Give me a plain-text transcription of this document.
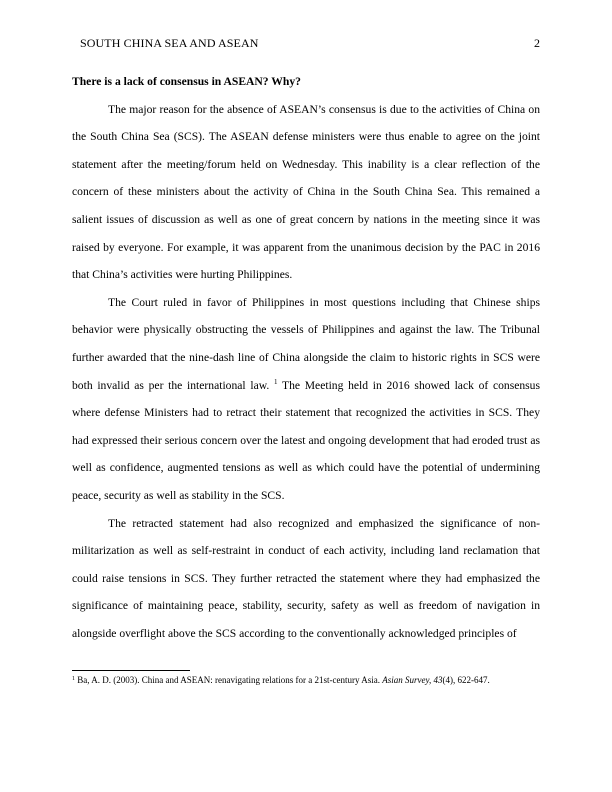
SOUTH CHINA SEA AND ASEAN	2

There is a lack of consensus in ASEAN? Why?

The major reason for the absence of ASEAN’s consensus is due to the activities of China on the South China Sea (SCS). The ASEAN defense ministers were thus enable to agree on the joint statement after the meeting/forum held on Wednesday. This inability is a clear reflection of the concern of these ministers about the activity of China in the South China Sea. This remained a salient issues of discussion as well as one of great concern by nations in the meeting since it was raised by everyone. For example, it was apparent from the unanimous decision by the PAC in 2016 that China’s activities were hurting Philippines.

The Court ruled in favor of Philippines in most questions including that Chinese ships behavior were physically obstructing the vessels of Philippines and against the law. The Tribunal further awarded that the nine-dash line of China alongside the claim to historic rights in SCS were both invalid as per the international law. $^1$ The Meeting held in 2016 showed lack of consensus where defense Ministers had to retract their statement that recognized the activities in SCS. They had expressed their serious concern over the latest and ongoing development that had eroded trust as well as confidence, augmented tensions as well as which could have the potential of undermining peace, security as well as stability in the SCS.

The retracted statement had also recognized and emphasized the significance of non-militarization as well as self-restraint in conduct of each activity, including land reclamation that could raise tensions in SCS. They further retracted the statement where they had emphasized the significance of maintaining peace, stability, security, safety as well as freedom of navigation in alongside overflight above the SCS according to the conventionally acknowledged principles of

$^1$ Ba, A. D. (2003). China and ASEAN: renavigating relations for a 21st-century Asia. Asian Survey, 43(4), 622-647.
